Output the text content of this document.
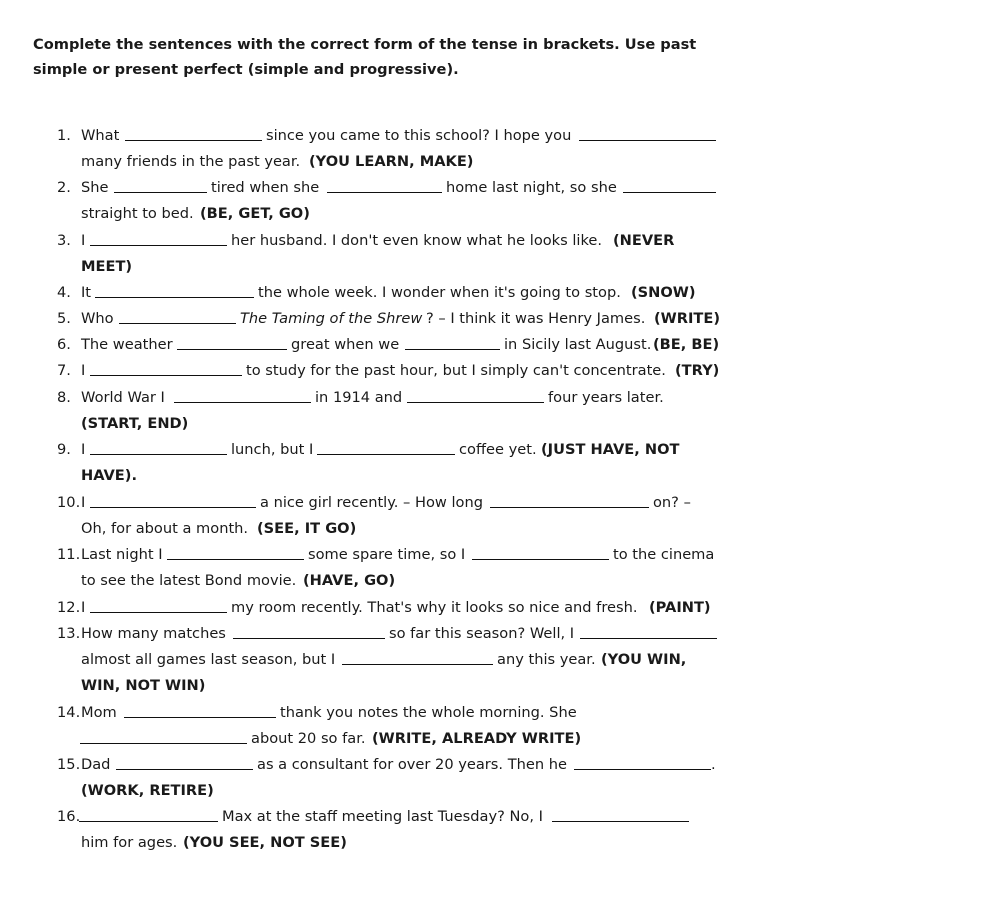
Complete the sentences with the correct form of the tense in brackets. Use past simple or present perfect (simple and progressive).
1. What	since you came to this school? I hope you
many friends in the past year. (YOU LEARN, MAKE)
2. She	tired when she	home last night, so she
straight to bed. (BE, GET, GO)
3. I	her husband. I don't even know what he looks like. (NEVER
MEET)
4. It	the whole week. I wonder when it's going to stop. (SNOW)
5. Who	The Taming of the Shrew ? – I think it was Henry James. (WRITE)
6. The weather	great when we	in Sicily last August. (BE, BE)
7. I	to study for the past hour, but I simply can't concentrate. (TRY)
8. World War I	in 1914 and	four years later.
(START, END)
9. I	lunch, but I	coffee yet. (JUST HAVE, NOT
HAVE).
10. I	a nice girl recently. – How long	on? –
Oh, for about a month. (SEE, IT GO)
11. Last night I	some spare time, so I	to the cinema
to see the latest Bond movie. (HAVE, GO)
12. I	my room recently. That's why it looks so nice and fresh. (PAINT)
13. How many matches	so far this season? Well, I
almost all games last season, but I	any this year. (YOU WIN,
WIN, NOT WIN)
14. Mom	thank you notes the whole morning. She
about 20 so far. (WRITE, ALREADY WRITE)
15. Dad	as a consultant for over 20 years. Then he	.
(WORK, RETIRE)
16.	Max at the staff meeting last Tuesday? No, I
him for ages. (YOU SEE, NOT SEE)
